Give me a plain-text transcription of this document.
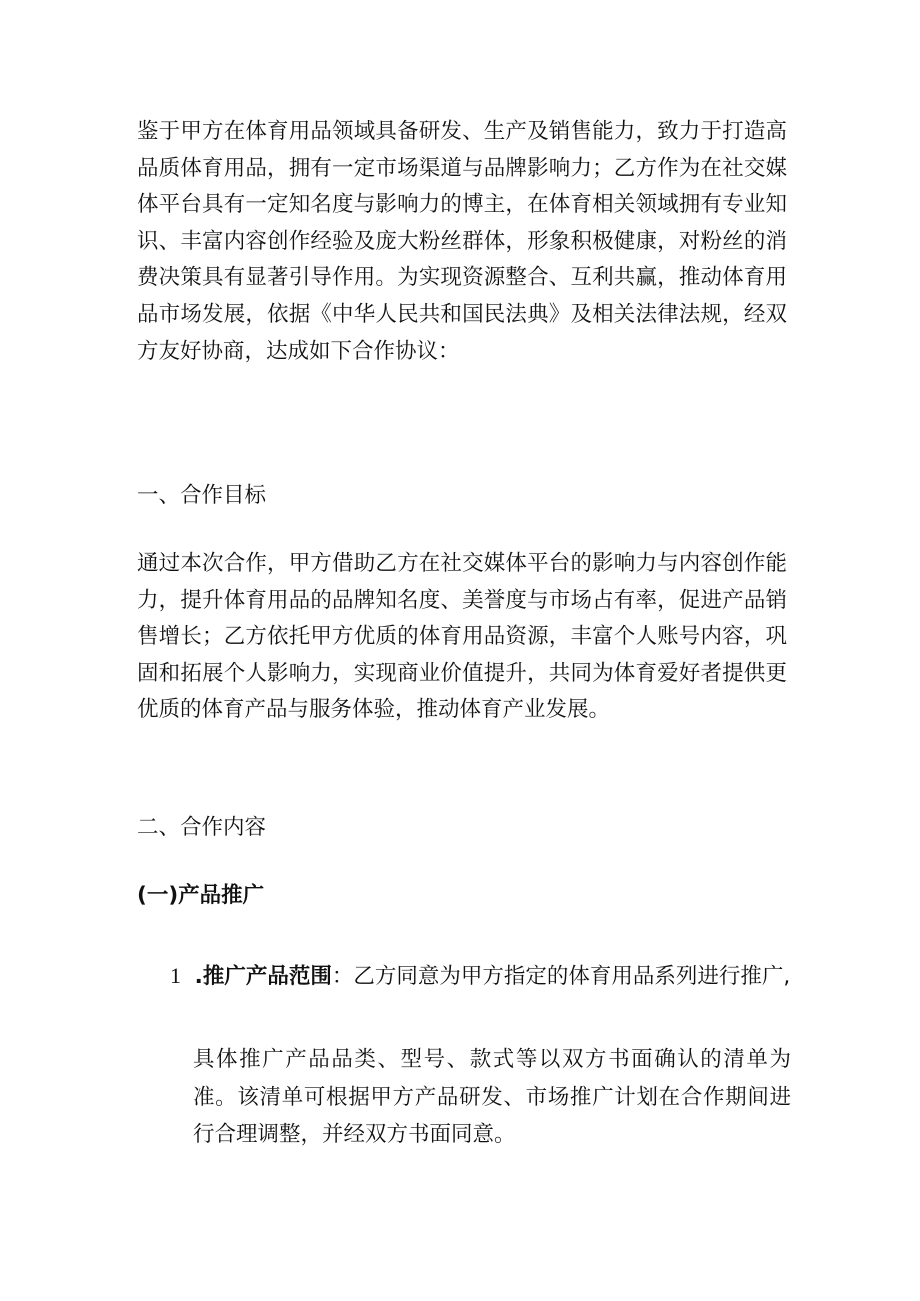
鉴于甲方在体育用品领域具备研发、生产及销售能力，致力于打造高品质体育用品，拥有一定市场渠道与品牌影响力；乙方作为在社交媒体平台具有一定知名度与影响力的博主，在体育相关领域拥有专业知识、丰富内容创作经验及庞大粉丝群体，形象积极健康，对粉丝的消费决策具有显著引导作用。为实现资源整合、互利共赢，推动体育用品市场发展，依据《中华人民共和国民法典》及相关法律法规，经双方友好协商，达成如下合作协议：

一、合作目标

通过本次合作，甲方借助乙方在社交媒体平台的影响力与内容创作能力，提升体育用品的品牌知名度、美誉度与市场占有率，促进产品销售增长；乙方依托甲方优质的体育用品资源，丰富个人账号内容，巩固和拓展个人影响力，实现商业价值提升，共同为体育爱好者提供更优质的体育产品与服务体验，推动体育产业发展。

二、合作内容

(一)产品推广

1 .推广产品范围：乙方同意为甲方指定的体育用品系列进行推广,

具体推广产品品类、型号、款式等以双方书面确认的清单为准。该清单可根据甲方产品研发、市场推广计划在合作期间进行合理调整，并经双方书面同意。
